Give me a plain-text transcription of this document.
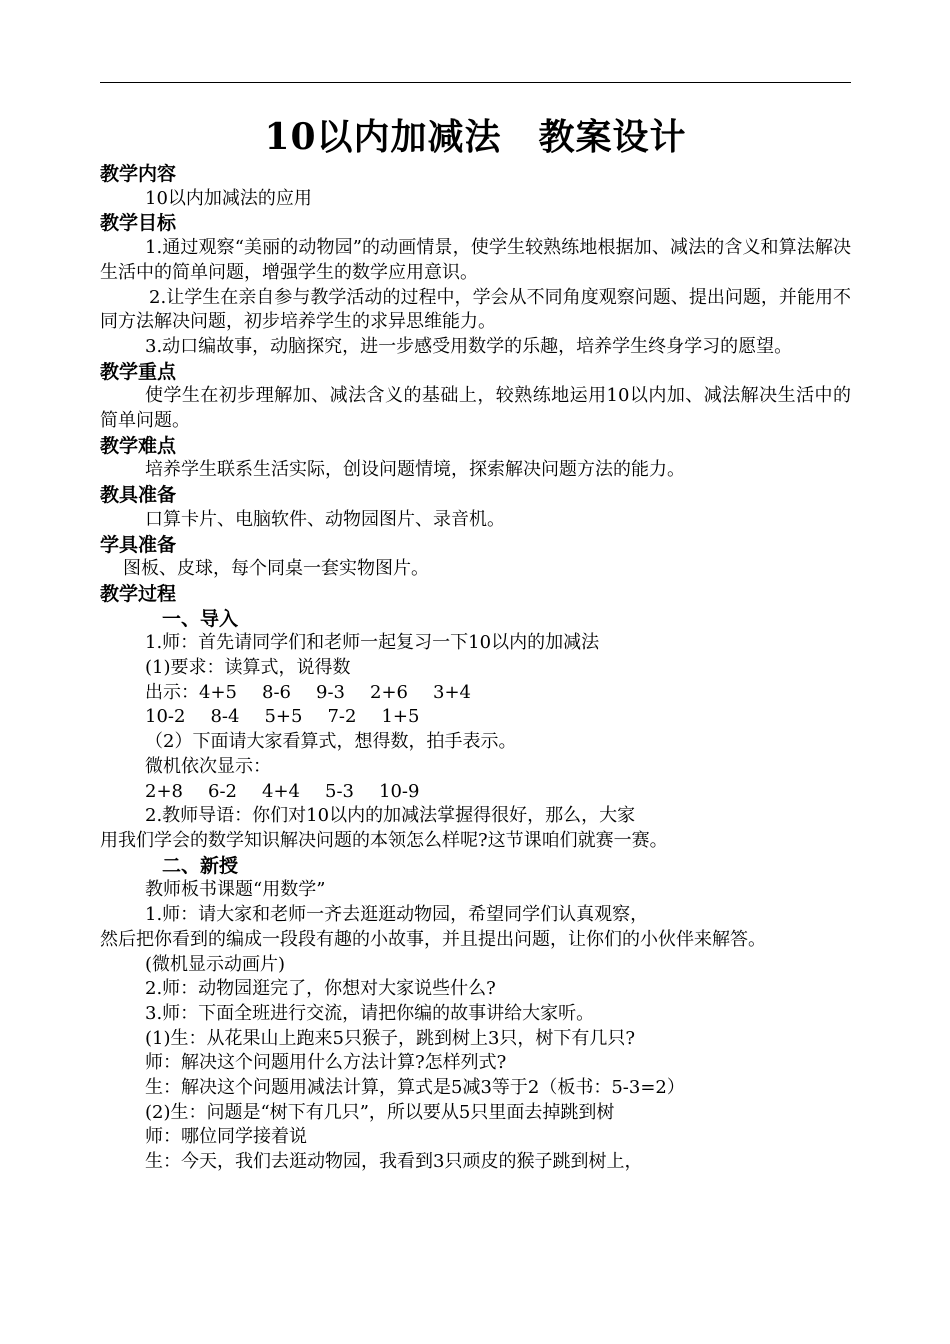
10以内加减法　教案设计
教学内容
10以内加减法的应用
教学目标
1.通过观察“美丽的动物园”的动画情景，使学生较熟练地根据加、减法的含义和算法解决生活中的简单问题，增强学生的数学应用意识。
2.让学生在亲自参与教学活动的过程中，学会从不同角度观察问题、提出问题，并能用不同方法解决问题，初步培养学生的求异思维能力。
3.动口编故事，动脑探究，进一步感受用数学的乐趣，培养学生终身学习的愿望。
教学重点
使学生在初步理解加、减法含义的基础上，较熟练地运用10以内加、减法解决生活中的简单问题。
教学难点
培养学生联系生活实际，创设问题情境，探索解决问题方法的能力。
教具准备
口算卡片、电脑软件、动物园图片、录音机。
学具准备
图板、皮球，每个同桌一套实物图片。
教学过程
一、导入
1.师：首先请同学们和老师一起复习一下10以内的加减法
(1)要求：读算式，说得数
出示：4+5 8-6 9-3 2+6 3+4
10-2 8-4 5+5 7-2 1+5
（2）下面请大家看算式，想得数，拍手表示。
微机依次显示：
2+8 6-2 4+4 5-3 10-9
2.教师导语：你们对10以内的加减法掌握得很好，那么，大家
用我们学会的数学知识解决问题的本领怎么样呢?这节课咱们就赛一赛。
二、新授
教师板书课题“用数学”
1.师：请大家和老师一齐去逛逛动物园，希望同学们认真观察，
然后把你看到的编成一段段有趣的小故事，并且提出问题，让你们的小伙伴来解答。
(微机显示动画片)
2.师：动物园逛完了，你想对大家说些什么?
3.师：下面全班进行交流，请把你编的故事讲给大家听。
(1)生：从花果山上跑来5只猴子，跳到树上3只，树下有几只?
师：解决这个问题用什么方法计算?怎样列式?
生：解决这个问题用减法计算，算式是5减3等于2（板书：5-3=2）
(2)生：问题是“树下有几只”，所以要从5只里面去掉跳到树
师：哪位同学接着说
生：今天，我们去逛动物园，我看到3只顽皮的猴子跳到树上，
